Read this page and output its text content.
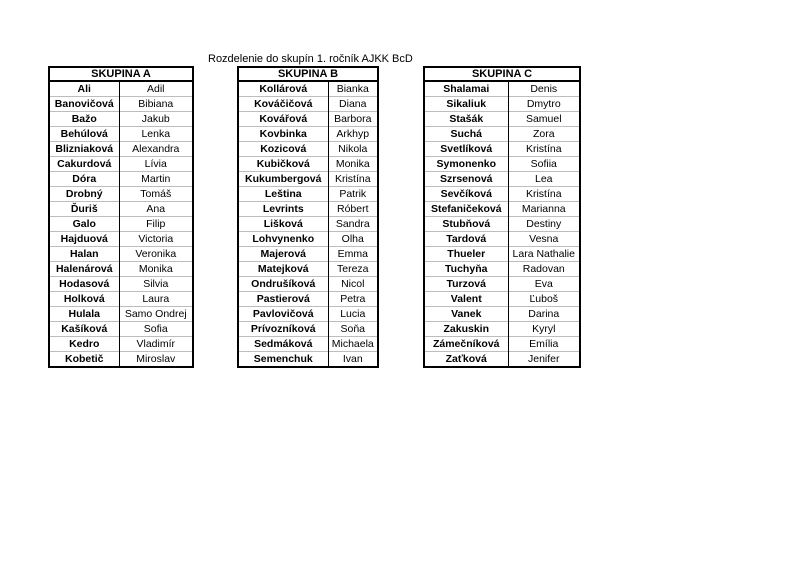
Rozdelenie do skupín 1. ročník AJKK BcD
SKUPINA A	
Ali	Adil
Banovičová	Bibiana
Bažo	Jakub
Behúlová	Lenka
Blizniaková	Alexandra
Cakurdová	Lívia
Dóra	Martin
Drobný	Tomáš
Ďuriš	Ana
Galo	Filip
Hajduová	Victoria
Halan	Veronika
Halenárová	Monika
Hodasová	Silvia
Holková	Laura
Hulala	Samo Ondrej
Kašíková	Sofia
Kedro	Vladimír
Kobetič	Miroslav
SKUPINA B	
Kollárová	Bianka
Kováčičová	Diana
Kovářová	Barbora
Kovbinka	Arkhyp
Kozicová	Nikola
Kubičková	Monika
Kukumbergová	Kristína
Leština	Patrik
Levrints	Róbert
Lišková	Sandra
Lohvynenko	Olha
Majerová	Emma
Matejková	Tereza
Ondrušíková	Nicol
Pastierová	Petra
Pavlovičová	Lucia
Prívozníková	Soňa
Sedmáková	Michaela
Semenchuk	Ivan
SKUPINA C	
Shalamai	Denis
Sikaliuk	Dmytro
Stašák	Samuel
Suchá	Zora
Svetlíková	Kristína
Symonenko	Sofiia
Szrsenová	Lea
Sevčíková	Kristína
Stefaničeková	Marianna
Stubňová	Destiny
Tardová	Vesna
Thueler	Lara Nathalie
Tuchyňa	Radovan
Turzová	Eva
Valent	Ľuboš
Vanek	Darina
Zakuskin	Kyryl
Zámečníková	Emília
Zaťková	Jenifer
